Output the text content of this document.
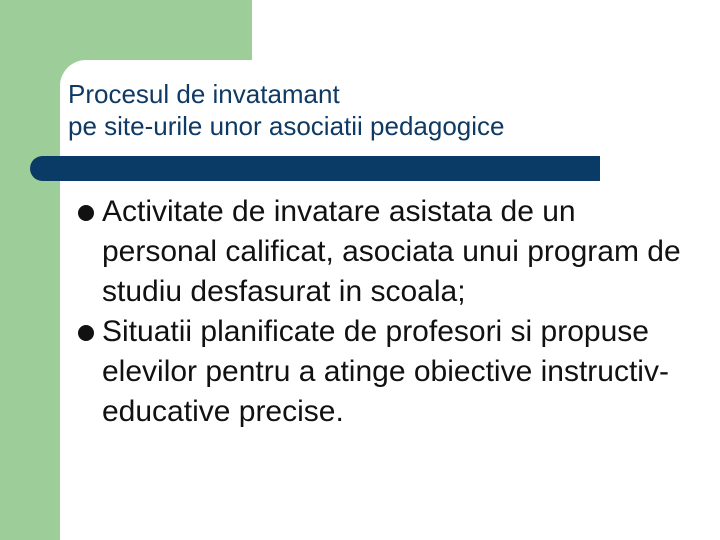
Procesul de invatamant
pe site-urile unor asociatii pedagogice
Activitate de invatare asistata de un personal calificat, asociata unui program de studiu desfasurat in scoala;
Situatii planificate de profesori si propuse elevilor pentru a atinge obiective instructiv-educative precise.
